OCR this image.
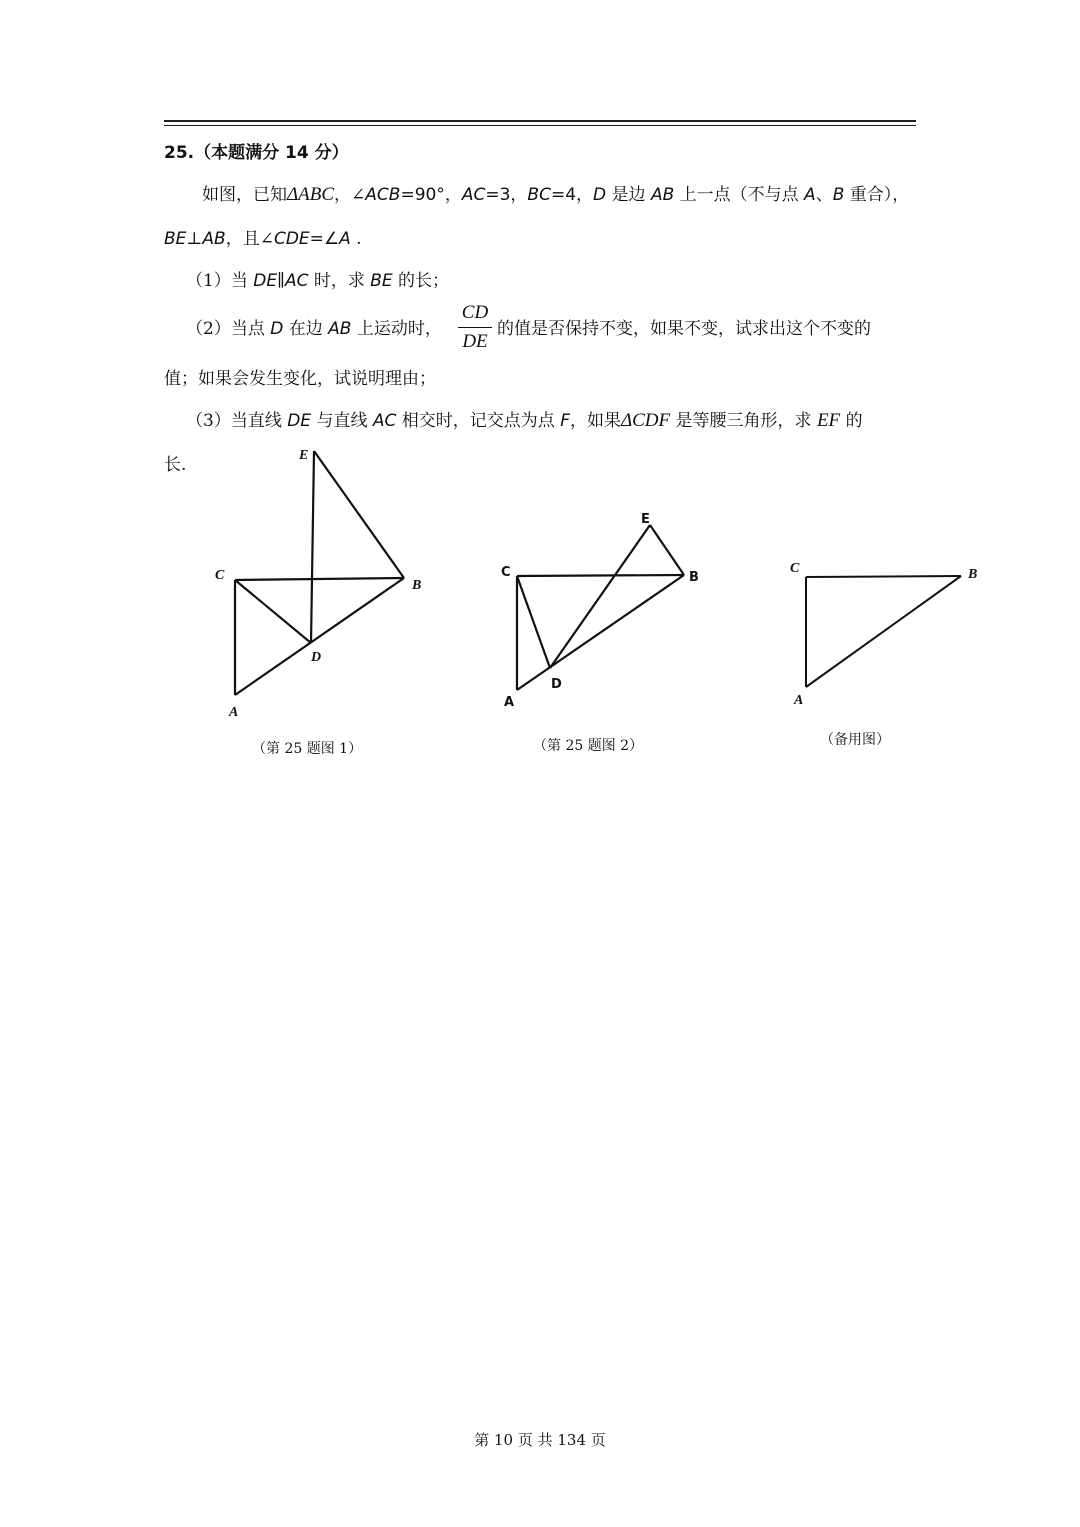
25.（本题满分 14 分）
如图，已知ΔABC，∠ACB=90°，AC=3，BC=4，D 是边 AB 上一点（不与点 A、B 重合），
BE⊥AB，且∠CDE=∠A .
（1）当 DE∥AC 时，求 BE 的长；
（2）当点 D 在边 AB 上运动时，
CD
DE
的值是否保持不变，如果不变，试求出这个不变的
值；如果会发生变化，试说明理由；
（3）当直线 DE 与直线 AC 相交时，记交点为点 F，如果ΔCDF 是等腰三角形，求 EF 的
长.	E
C
B
D
A
E
C	B
D
A
C	B
A
（第 25 题图 1）	（第 25 题图 2）	（备用图）
第 10 页 共 134 页
